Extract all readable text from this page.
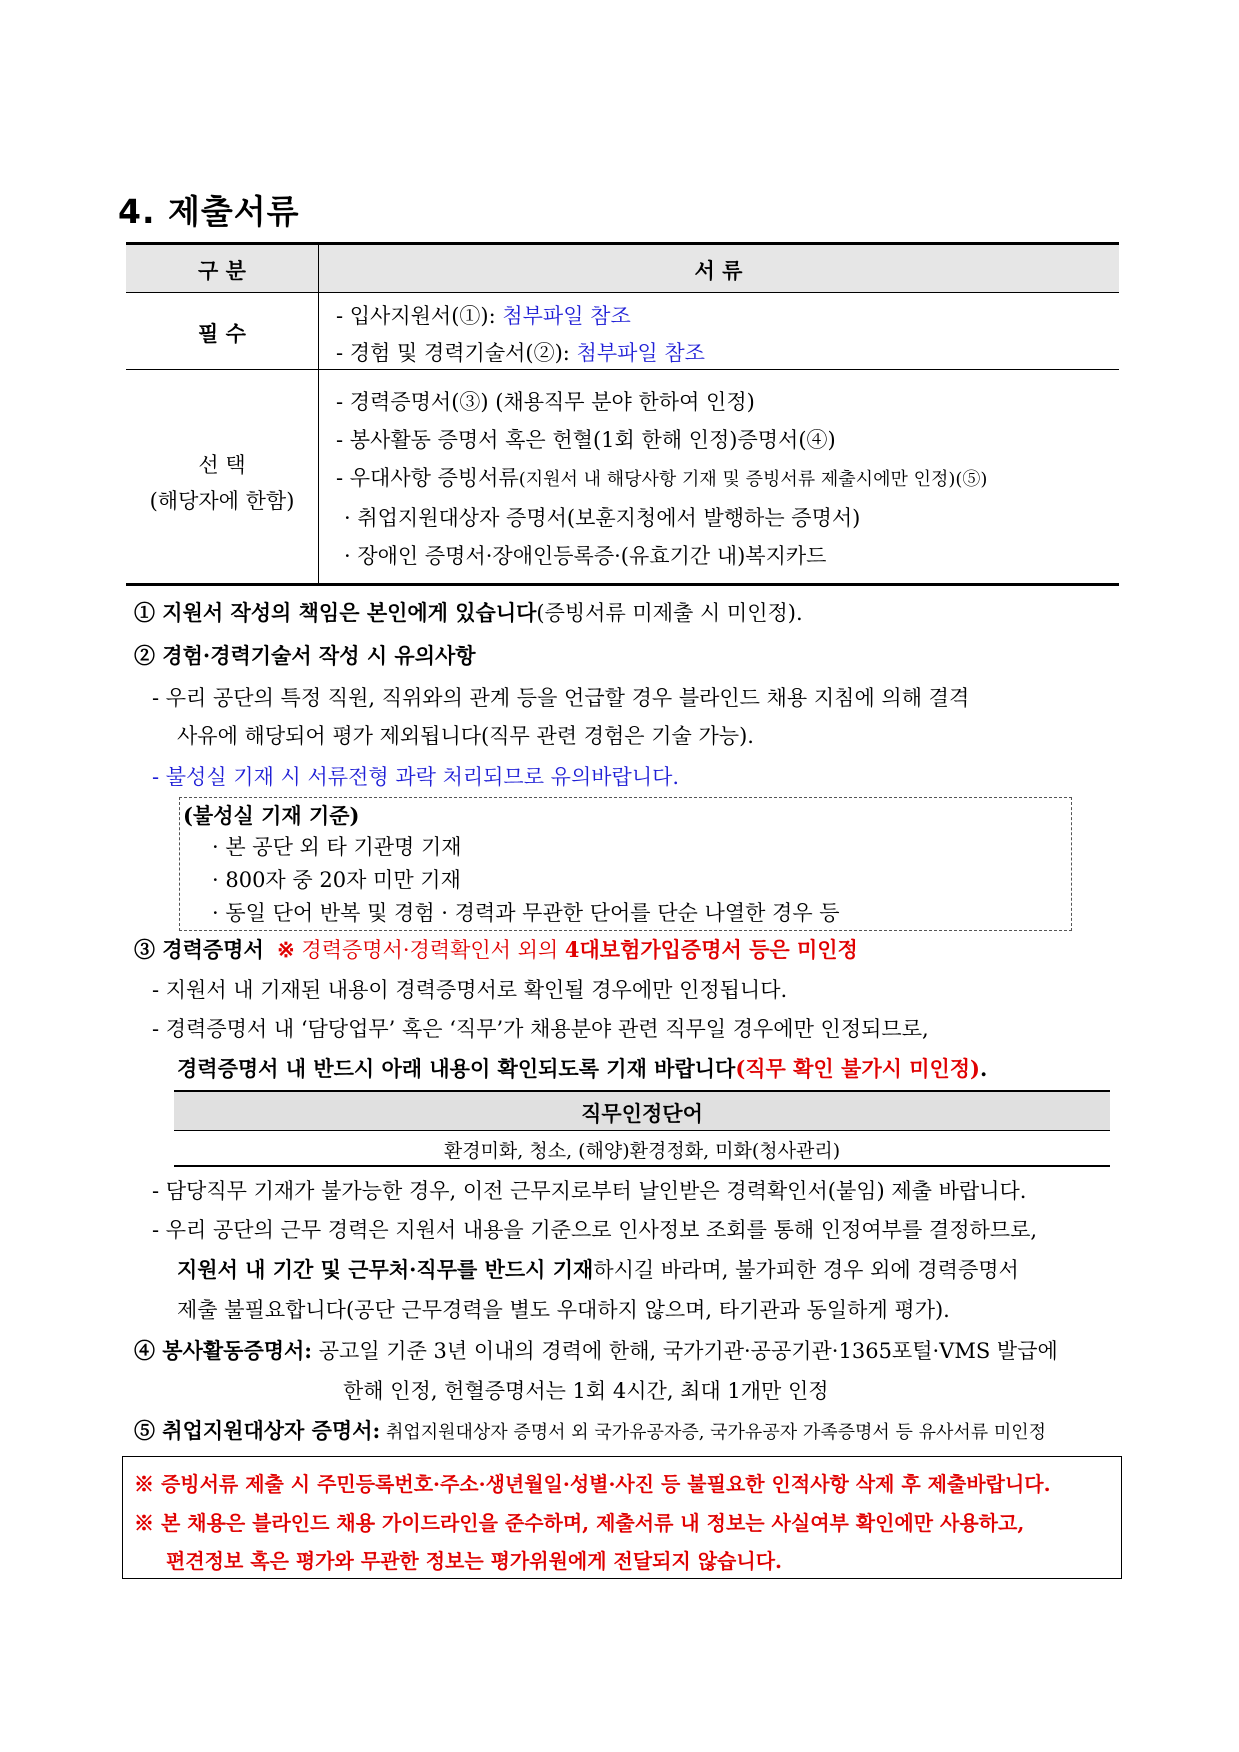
4. 제출서류
구 분	서 류
필 수
- 입사지원서(①): 첨부파일 참조
- 경험 및 경력기술서(②): 첨부파일 참조
선 택
(해당자에 한함)
- 경력증명서(③) (채용직무 분야 한하여 인정)
- 봉사활동 증명서 혹은 헌혈(1회 한해 인정)증명서(④)
- 우대사항 증빙서류(지원서 내 해당사항 기재 및 증빙서류 제출시에만 인정)(⑤)
· 취업지원대상자 증명서(보훈지청에서 발행하는 증명서)
· 장애인 증명서·장애인등록증·(유효기간 내)복지카드
① 지원서 작성의 책임은 본인에게 있습니다(증빙서류 미제출 시 미인정).
② 경험·경력기술서 작성 시 유의사항
- 우리 공단의 특정 직원, 직위와의 관계 등을 언급할 경우 블라인드 채용 지침에 의해 결격
사유에 해당되어 평가 제외됩니다(직무 관련 경험은 기술 가능).
- 불성실 기재 시 서류전형 과락 처리되므로 유의바랍니다.
(불성실 기재 기준)
· 본 공단 외 타 기관명 기재
· 800자 중 20자 미만 기재
· 동일 단어 반복 및 경험 · 경력과 무관한 단어를 단순 나열한 경우 등
③ 경력증명서 ※ 경력증명서·경력확인서 외의 4대보험가입증명서 등은 미인정
- 지원서 내 기재된 내용이 경력증명서로 확인될 경우에만 인정됩니다.
- 경력증명서 내 ‘담당업무’ 혹은 ‘직무’가 채용분야 관련 직무일 경우에만 인정되므로,
경력증명서 내 반드시 아래 내용이 확인되도록 기재 바랍니다(직무 확인 불가시 미인정).
직무인정단어
환경미화, 청소, (해양)환경정화, 미화(청사관리)
- 담당직무 기재가 불가능한 경우, 이전 근무지로부터 날인받은 경력확인서(붙임) 제출 바랍니다.
- 우리 공단의 근무 경력은 지원서 내용을 기준으로 인사정보 조회를 통해 인정여부를 결정하므로,
지원서 내 기간 및 근무처·직무를 반드시 기재하시길 바라며, 불가피한 경우 외에 경력증명서
제출 불필요합니다(공단 근무경력을 별도 우대하지 않으며, 타기관과 동일하게 평가).
④ 봉사활동증명서: 공고일 기준 3년 이내의 경력에 한해, 국가기관·공공기관·1365포털·VMS 발급에
한해 인정, 헌혈증명서는 1회 4시간, 최대 1개만 인정
⑤ 취업지원대상자 증명서: 취업지원대상자 증명서 외 국가유공자증, 국가유공자 가족증명서 등 유사서류 미인정
※ 증빙서류 제출 시 주민등록번호·주소·생년월일·성별·사진 등 불필요한 인적사항 삭제 후 제출바랍니다.
※ 본 채용은 블라인드 채용 가이드라인을 준수하며, 제출서류 내 정보는 사실여부 확인에만 사용하고,
편견정보 혹은 평가와 무관한 정보는 평가위원에게 전달되지 않습니다.
